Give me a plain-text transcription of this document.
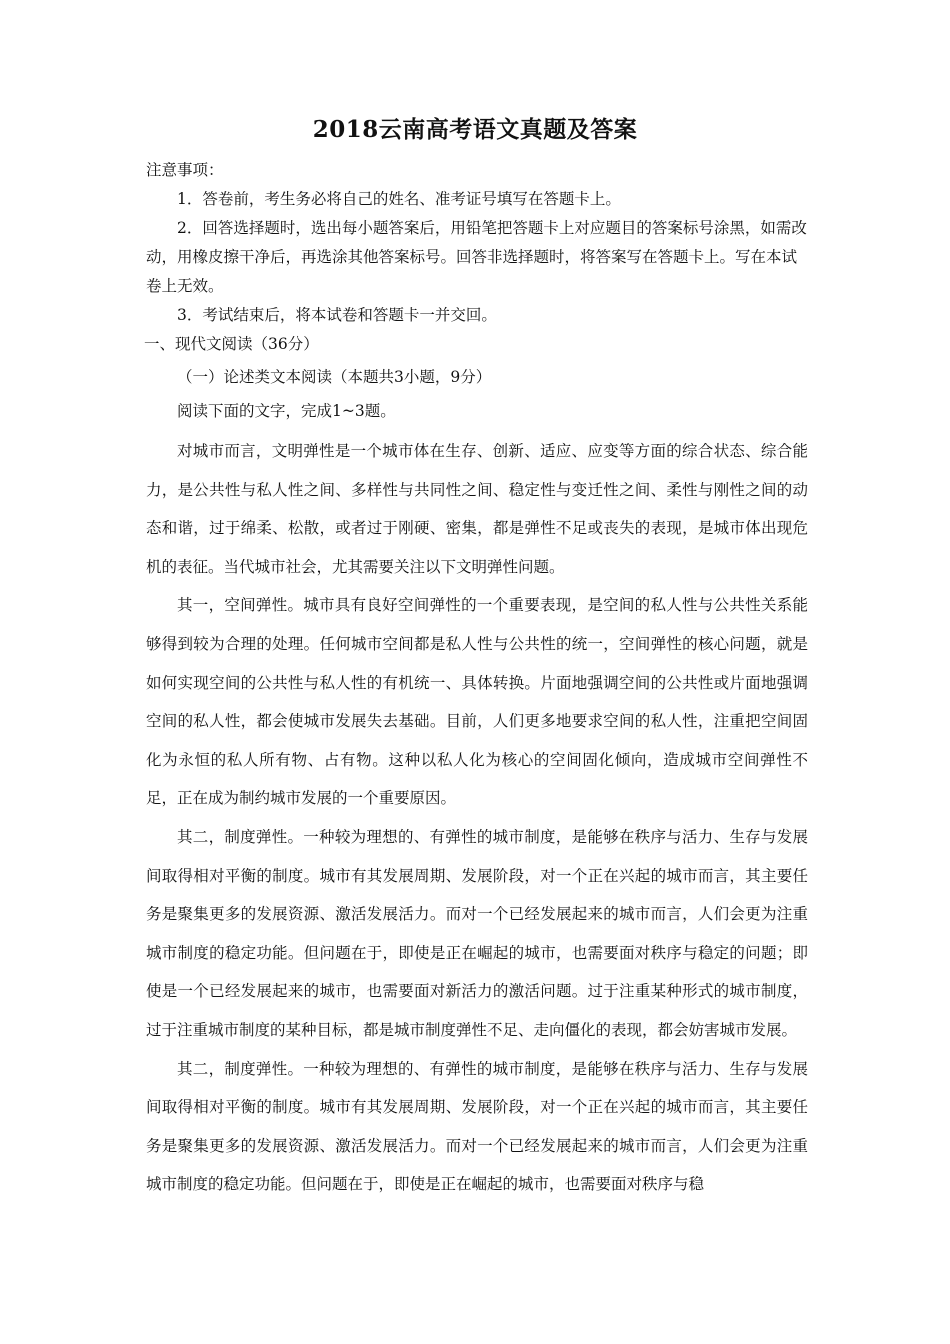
2018云南高考语文真题及答案

注意事项：

1．答卷前，考生务必将自己的姓名、准考证号填写在答题卡上。

2．回答选择题时，选出每小题答案后，用铅笔把答题卡上对应题目的答案标号涂黑，如需改动，用橡皮擦干净后，再选涂其他答案标号。回答非选择题时，将答案写在答题卡上。写在本试卷上无效。

3．考试结束后，将本试卷和答题卡一并交回。

一、现代文阅读（36分）

（一）论述类文本阅读（本题共3小题，9分）

阅读下面的文字，完成1~3题。

对城市而言，文明弹性是一个城市体在生存、创新、适应、应变等方面的综合状态、综合能力，是公共性与私人性之间、多样性与共同性之间、稳定性与变迁性之间、柔性与刚性之间的动态和谐，过于绵柔、松散，或者过于刚硬、密集，都是弹性不足或丧失的表现，是城市体出现危机的表征。当代城市社会，尤其需要关注以下文明弹性问题。

其一，空间弹性。城市具有良好空间弹性的一个重要表现，是空间的私人性与公共性关系能够得到较为合理的处理。任何城市空间都是私人性与公共性的统一，空间弹性的核心问题，就是如何实现空间的公共性与私人性的有机统一、具体转换。片面地强调空间的公共性或片面地强调空间的私人性，都会使城市发展失去基础。目前，人们更多地要求空间的私人性，注重把空间固化为永恒的私人所有物、占有物。这种以私人化为核心的空间固化倾向，造成城市空间弹性不足，正在成为制约城市发展的一个重要原因。

其二，制度弹性。一种较为理想的、有弹性的城市制度，是能够在秩序与活力、生存与发展间取得相对平衡的制度。城市有其发展周期、发展阶段，对一个正在兴起的城市而言，其主要任务是聚集更多的发展资源、激活发展活力。而对一个已经发展起来的城市而言，人们会更为注重城市制度的稳定功能。但问题在于，即使是正在崛起的城市，也需要面对秩序与稳定的问题；即使是一个已经发展起来的城市，也需要面对新活力的激活问题。过于注重某种形式的城市制度，过于注重城市制度的某种目标，都是城市制度弹性不足、走向僵化的表现，都会妨害城市发展。

其二，制度弹性。一种较为理想的、有弹性的城市制度，是能够在秩序与活力、生存与发展间取得相对平衡的制度。城市有其发展周期、发展阶段，对一个正在兴起的城市而言，其主要任务是聚集更多的发展资源、激活发展活力。而对一个已经发展起来的城市而言，人们会更为注重城市制度的稳定功能。但问题在于，即使是正在崛起的城市，也需要面对秩序与稳
